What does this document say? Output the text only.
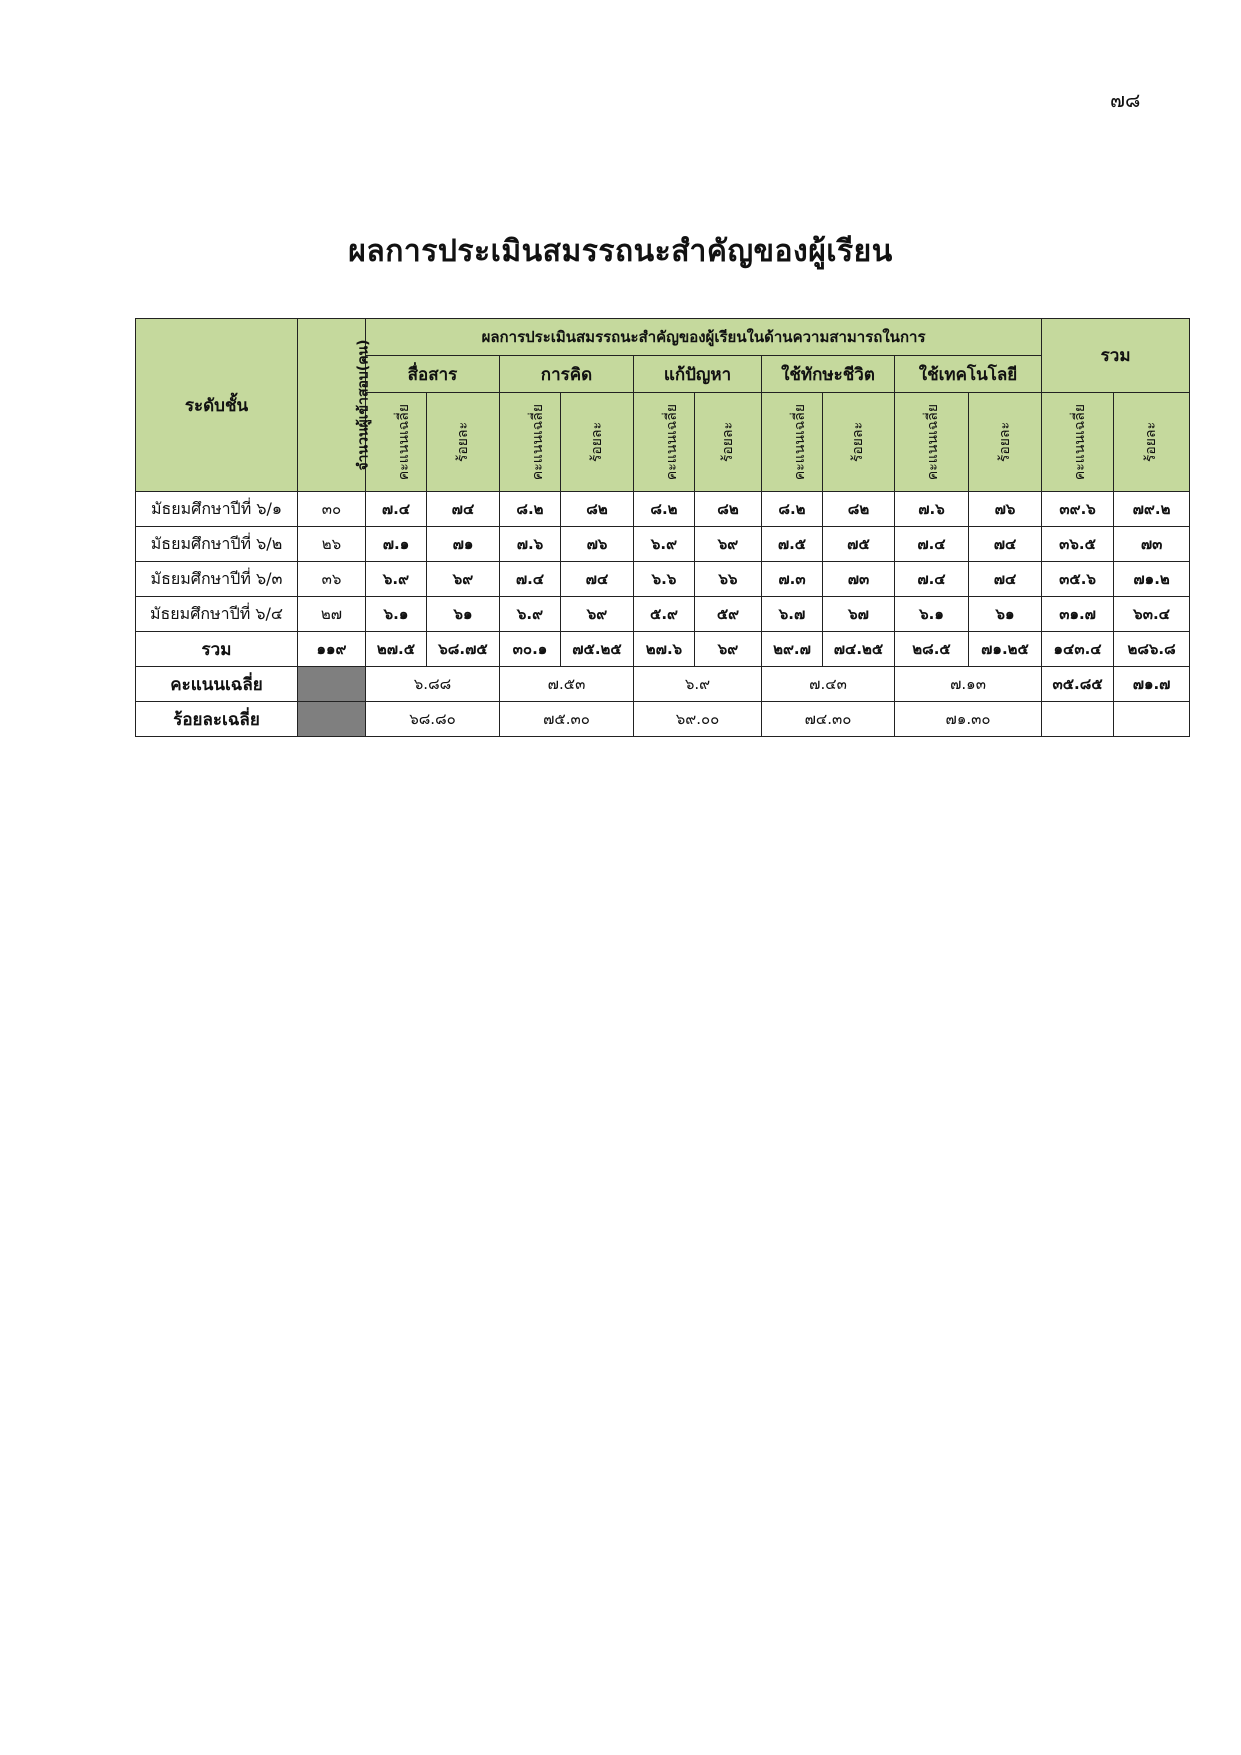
๗๘
ผลการประเมินสมรรถนะสำคัญของผู้เรียน
ระดับชั้น	จำนวนผู้เข้าสอบ(คน)	ผลการประเมินสมรรถนะสำคัญของผู้เรียนในด้านความสามารถในการ										รวม	
		สื่อสาร		การคิด		แก้ปัญหา		ใช้ทักษะชีวิต		ใช้เทคโนโลยี			
		คะแนนเฉลี่ย	ร้อยละ	คะแนนเฉลี่ย	ร้อยละ	คะแนนเฉลี่ย	ร้อยละ	คะแนนเฉลี่ย	ร้อยละ	คะแนนเฉลี่ย	ร้อยละ	คะแนนเฉลี่ย	ร้อยละ
มัธยมศึกษาปีที่ ๖/๑	๓๐	๗.๔	๗๔	๘.๒	๘๒	๘.๒	๘๒	๘.๒	๘๒	๗.๖	๗๖	๓๙.๖	๗๙.๒
มัธยมศึกษาปีที่ ๖/๒	๒๖	๗.๑	๗๑	๗.๖	๗๖	๖.๙	๖๙	๗.๕	๗๕	๗.๔	๗๔	๓๖.๕	๗๓
มัธยมศึกษาปีที่ ๖/๓	๓๖	๖.๙	๖๙	๗.๔	๗๔	๖.๖	๖๖	๗.๓	๗๓	๗.๔	๗๔	๓๕.๖	๗๑.๒
มัธยมศึกษาปีที่ ๖/๔	๒๗	๖.๑	๖๑	๖.๙	๖๙	๕.๙	๕๙	๖.๗	๖๗	๖.๑	๖๑	๓๑.๗	๖๓.๔
รวม	๑๑๙	๒๗.๕	๖๘.๗๕	๓๐.๑	๗๕.๒๕	๒๗.๖	๖๙	๒๙.๗	๗๔.๒๕	๒๘.๕	๗๑.๒๕	๑๔๓.๔	๒๘๖.๘
คะแนนเฉลี่ย		๖.๘๘		๗.๕๓		๖.๙		๗.๔๓		๗.๑๓		๓๕.๘๕	๗๑.๗
ร้อยละเฉลี่ย		๖๘.๘๐		๗๕.๓๐		๖๙.๐๐		๗๔.๓๐		๗๑.๓๐			
